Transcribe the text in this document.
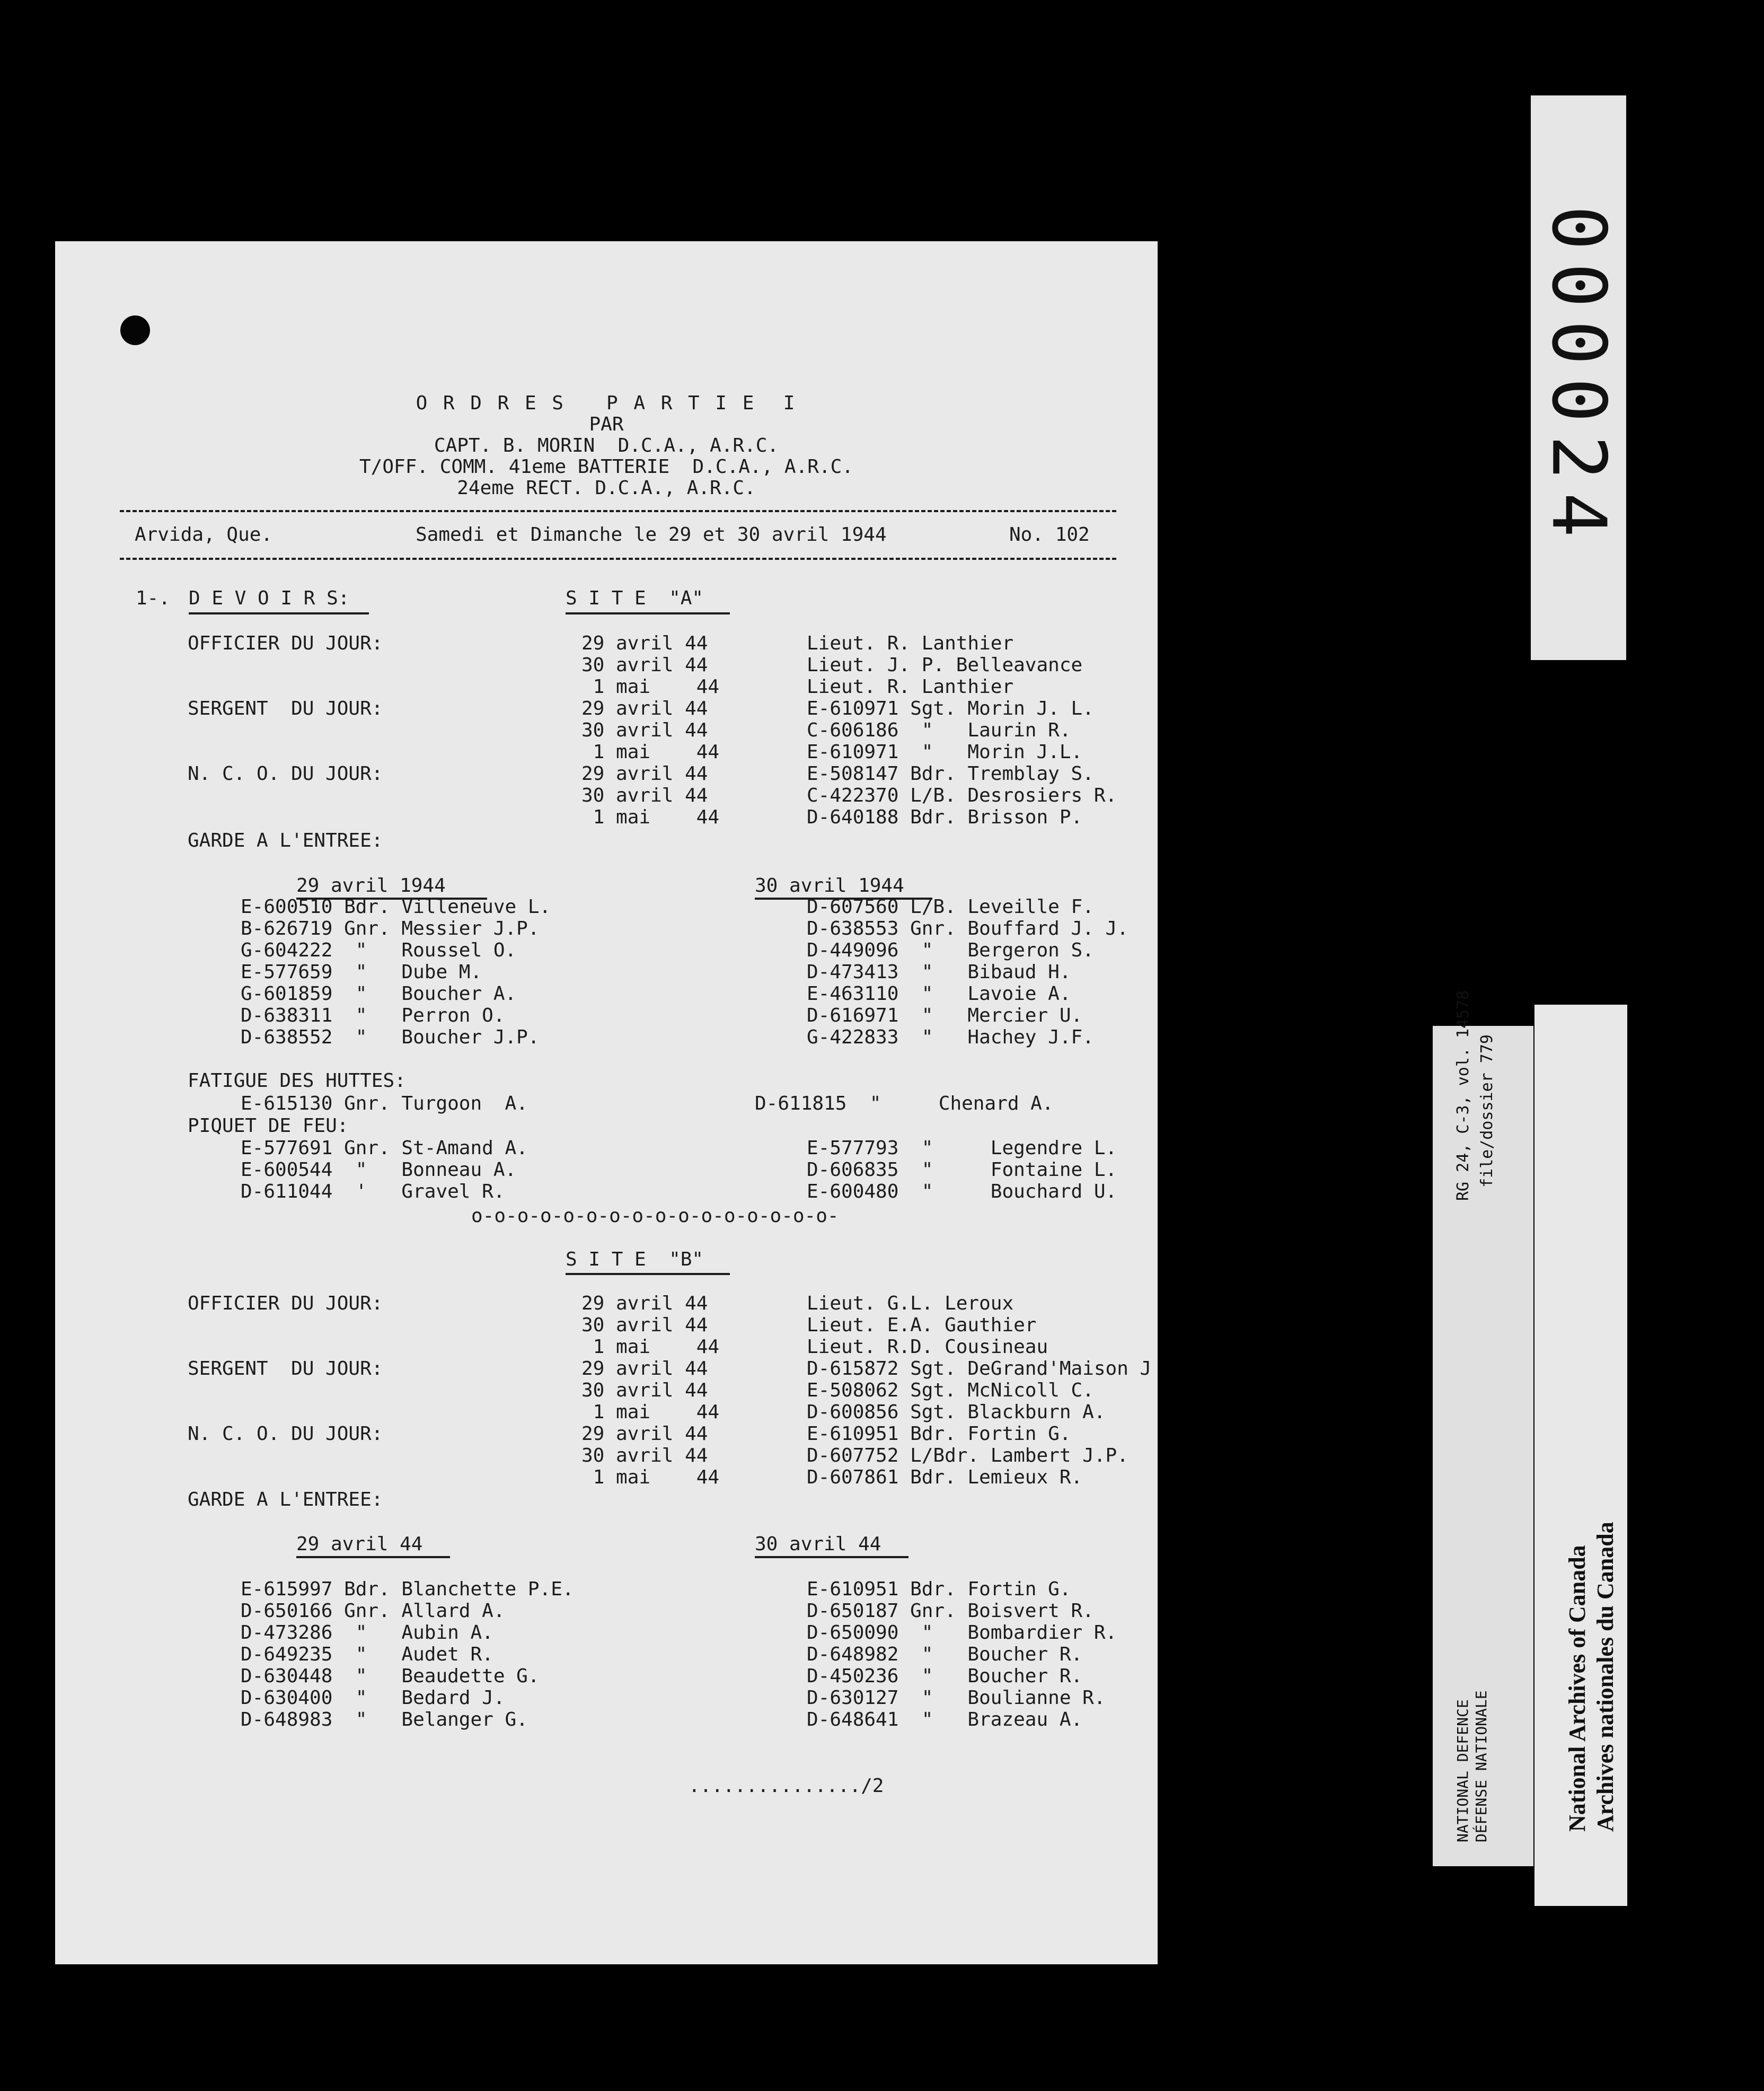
O R D R E S   P A R T I E  I
PAR
CAPT. B. MORIN  D.C.A., A.R.C.
T/OFF. COMM. 41eme BATTERIE  D.C.A., A.R.C.
24eme RECT. D.C.A., A.R.C.
Arvida, Que.	Samedi et Dimanche le 29 et 30 avril 1944	No. 102
1-. D E V O I R S:	S I T E  "A"
OFFICIER DU JOUR:	29 avril 44	Lieut. R. Lanthier
30 avril 44	Lieut. J. P. Belleavance
1 mai    44	Lieut. R. Lanthier
SERGENT  DU JOUR:	29 avril 44	E-610971 Sgt. Morin J. L.
30 avril 44	C-606186  "   Laurin R.
1 mai    44	E-610971  "   Morin J.L.
N. C. O. DU JOUR:	29 avril 44	E-508147 Bdr. Tremblay S.
30 avril 44	C-422370 L/B. Desrosiers R.
1 mai    44	D-640188 Bdr. Brisson P.
GARDE A L'ENTREE:
29 avril 1944	30 avril 1944
E-600510 Bdr. Villeneuve L.	D-607560 L/B. Leveille F.
B-626719 Gnr. Messier J.P.	D-638553 Gnr. Bouffard J. J.
G-604222  "   Roussel O.	D-449096  "   Bergeron S.
E-577659  "   Dube M.	D-473413  "   Bibaud H.
G-601859  "   Boucher A.	E-463110  "   Lavoie A.
D-638311  "   Perron O.	D-616971  "   Mercier U.
D-638552  "   Boucher J.P.	G-422833  "   Hachey J.F.
FATIGUE DES HUTTES:
E-615130 Gnr. Turgoon  A.	D-611815  "     Chenard A.
PIQUET DE FEU:
E-577691 Gnr. St-Amand A.	E-577793  "     Legendre L.
E-600544  "   Bonneau A.	D-606835  "     Fontaine L.
D-611044  '   Gravel R.	E-600480  "     Bouchard U.
o-o-o-o-o-o-o-o-o-o-o-o-o-o-o-o-
S I T E  "B"
OFFICIER DU JOUR:	29 avril 44	Lieut. G.L. Leroux
30 avril 44	Lieut. E.A. Gauthier
1 mai    44	Lieut. R.D. Cousineau
SERGENT  DU JOUR:	29 avril 44	D-615872 Sgt. DeGrand'Maison J
30 avril 44	E-508062 Sgt. McNicoll C.
1 mai    44	D-600856 Sgt. Blackburn A.
N. C. O. DU JOUR:	29 avril 44	E-610951 Bdr. Fortin G.
30 avril 44	D-607752 L/Bdr. Lambert J.P.
1 mai    44	D-607861 Bdr. Lemieux R.
GARDE A L'ENTREE:
29 avril 44	30 avril 44
E-615997 Bdr. Blanchette P.E.	E-610951 Bdr. Fortin G.
D-650166 Gnr. Allard A.	D-650187 Gnr. Boisvert R.
D-473286  "   Aubin A.	D-650090  "   Bombardier R.
D-649235  "   Audet R.	D-648982  "   Boucher R.
D-630448  "   Beaudette G.	D-450236  "   Boucher R.
D-630400  "   Bedard J.	D-630127  "   Boulianne R.
D-648983  "   Belanger G.	D-648641  "   Brazeau A.
.............../2
000024
RG 24, C-3, vol. 14578 file/dossier 779
NATIONAL DEFENCE DÉFENSE NATIONALE	National Archives of Canada Archives nationales du Canada
